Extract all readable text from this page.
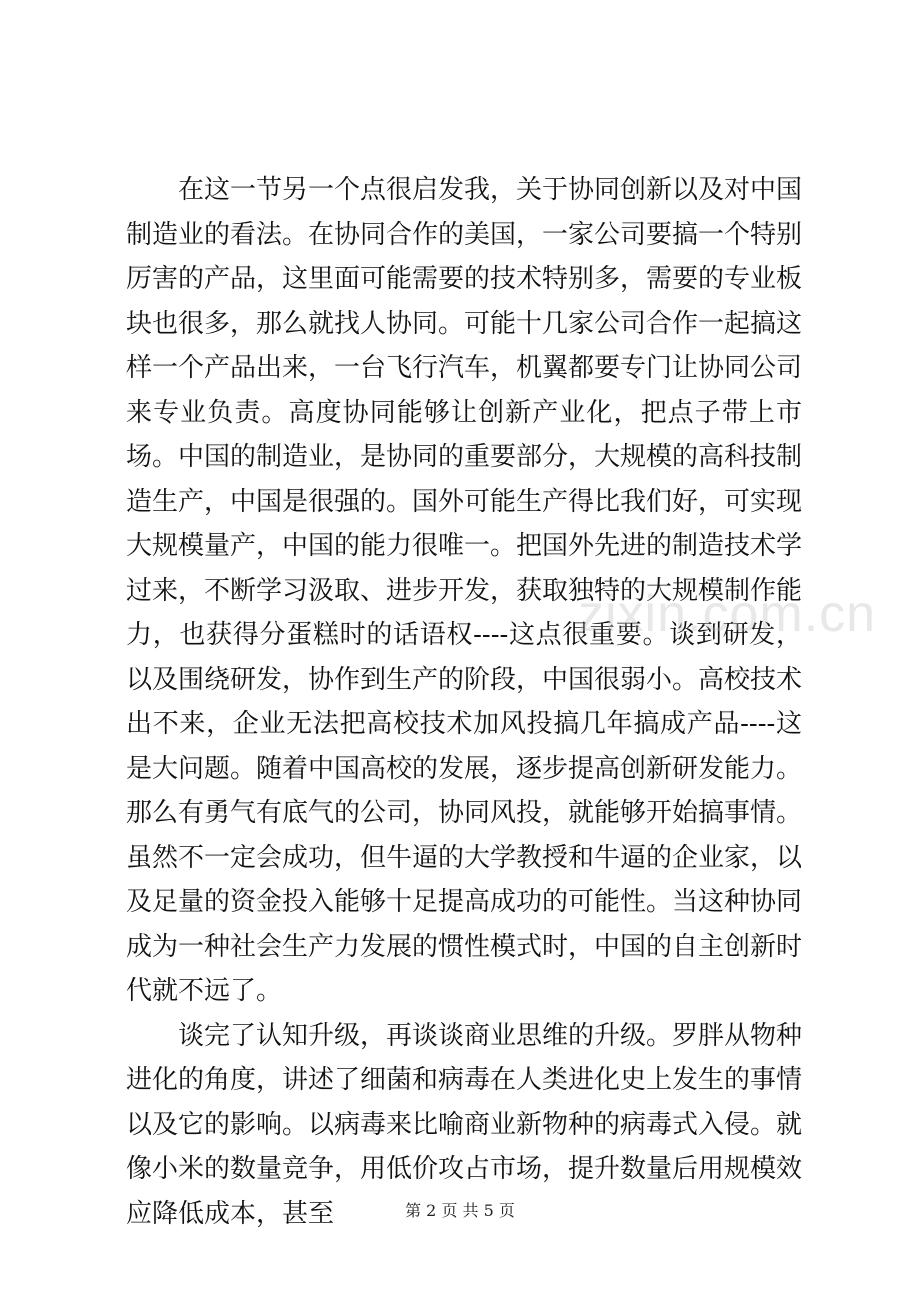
在这一节另一个点很启发我，关于协同创新以及对中国制造业的看法。在协同合作的美国，一家公司要搞一个特别厉害的产品，这里面可能需要的技术特别多，需要的专业板块也很多，那么就找人协同。可能十几家公司合作一起搞这样一个产品出来，一台飞行汽车，机翼都要专门让协同公司来专业负责。高度协同能够让创新产业化，把点子带上市场。中国的制造业，是协同的重要部分，大规模的高科技制造生产，中国是很强的。国外可能生产得比我们好，可实现大规模量产，中国的能力很唯一。把国外先进的制造技术学过来，不断学习汲取、进步开发，获取独特的大规模制作能力，也获得分蛋糕时的话语权----这点很重要。谈到研发，以及围绕研发，协作到生产的阶段，中国很弱小。高校技术出不来，企业无法把高校技术加风投搞几年搞成产品----这是大问题。随着中国高校的发展，逐步提高创新研发能力。那么有勇气有底气的公司，协同风投，就能够开始搞事情。虽然不一定会成功，但牛逼的大学教授和牛逼的企业家，以及足量的资金投入能够十足提高成功的可能性。当这种协同成为一种社会生产力发展的惯性模式时，中国的自主创新时代就不远了。

谈完了认知升级，再谈谈商业思维的升级。罗胖从物种进化的角度，讲述了细菌和病毒在人类进化史上发生的事情以及它的影响。以病毒来比喻商业新物种的病毒式入侵。就像小米的数量竞争，用低价攻占市场，提升数量后用规模效应降低成本，甚至

zixin.com.cn
第 2 页 共 5 页
